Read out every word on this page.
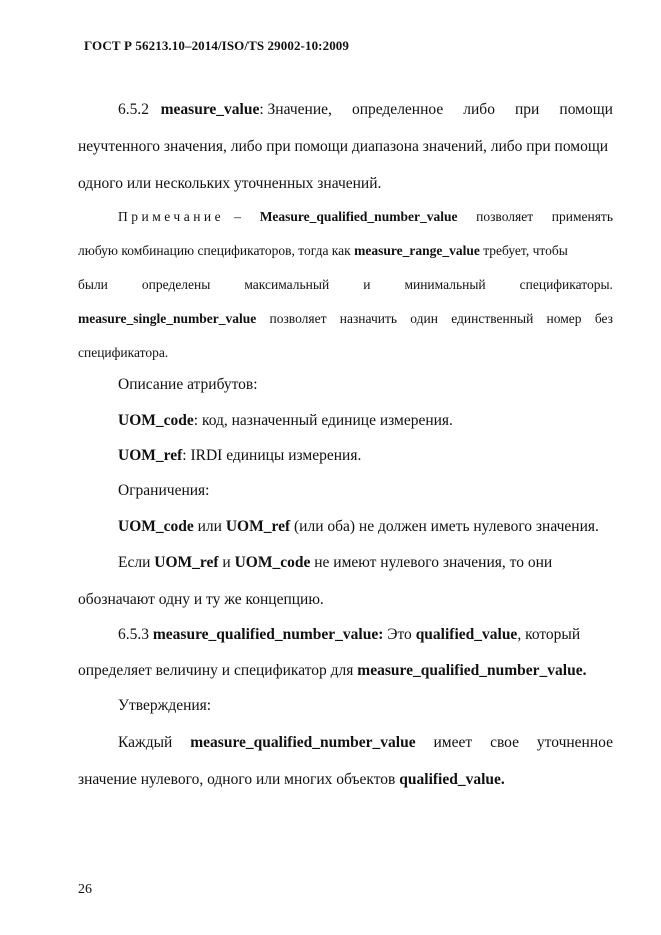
ГОСТ Р 56213.10–2014/ISO/TS 29002-10:2009
6.5.2 measure_value: Значение, определенное либо при помощи
неучтенного значения, либо при помощи диапазона значений, либо при помощи
одного или нескольких уточненных значений.
Примечание – Measure_qualified_number_value позволяет применять
любую комбинацию спецификаторов, тогда как measure_range_value требует, чтобы
были	определены	максимальный	и	минимальный	спецификаторы.
measure_single_number_value позволяет назначить один единственный номер без
спецификатора.
Описание атрибутов:
UOM_code: код, назначенный единице измерения.
UOM_ref: IRDI единицы измерения.
Ограничения:
UOM_code или UOM_ref (или оба) не должен иметь нулевого значения.
Если UOM_ref и UOM_code не имеют нулевого значения, то они
обозначают одну и ту же концепцию.
6.5.3 measure_qualified_number_value: Это qualified_value, который
определяет величину и спецификатор для measure_qualified_number_value.
Утверждения:
Каждый measure_qualified_number_value имеет свое уточненное
значение нулевого, одного или многих объектов qualified_value.
26
